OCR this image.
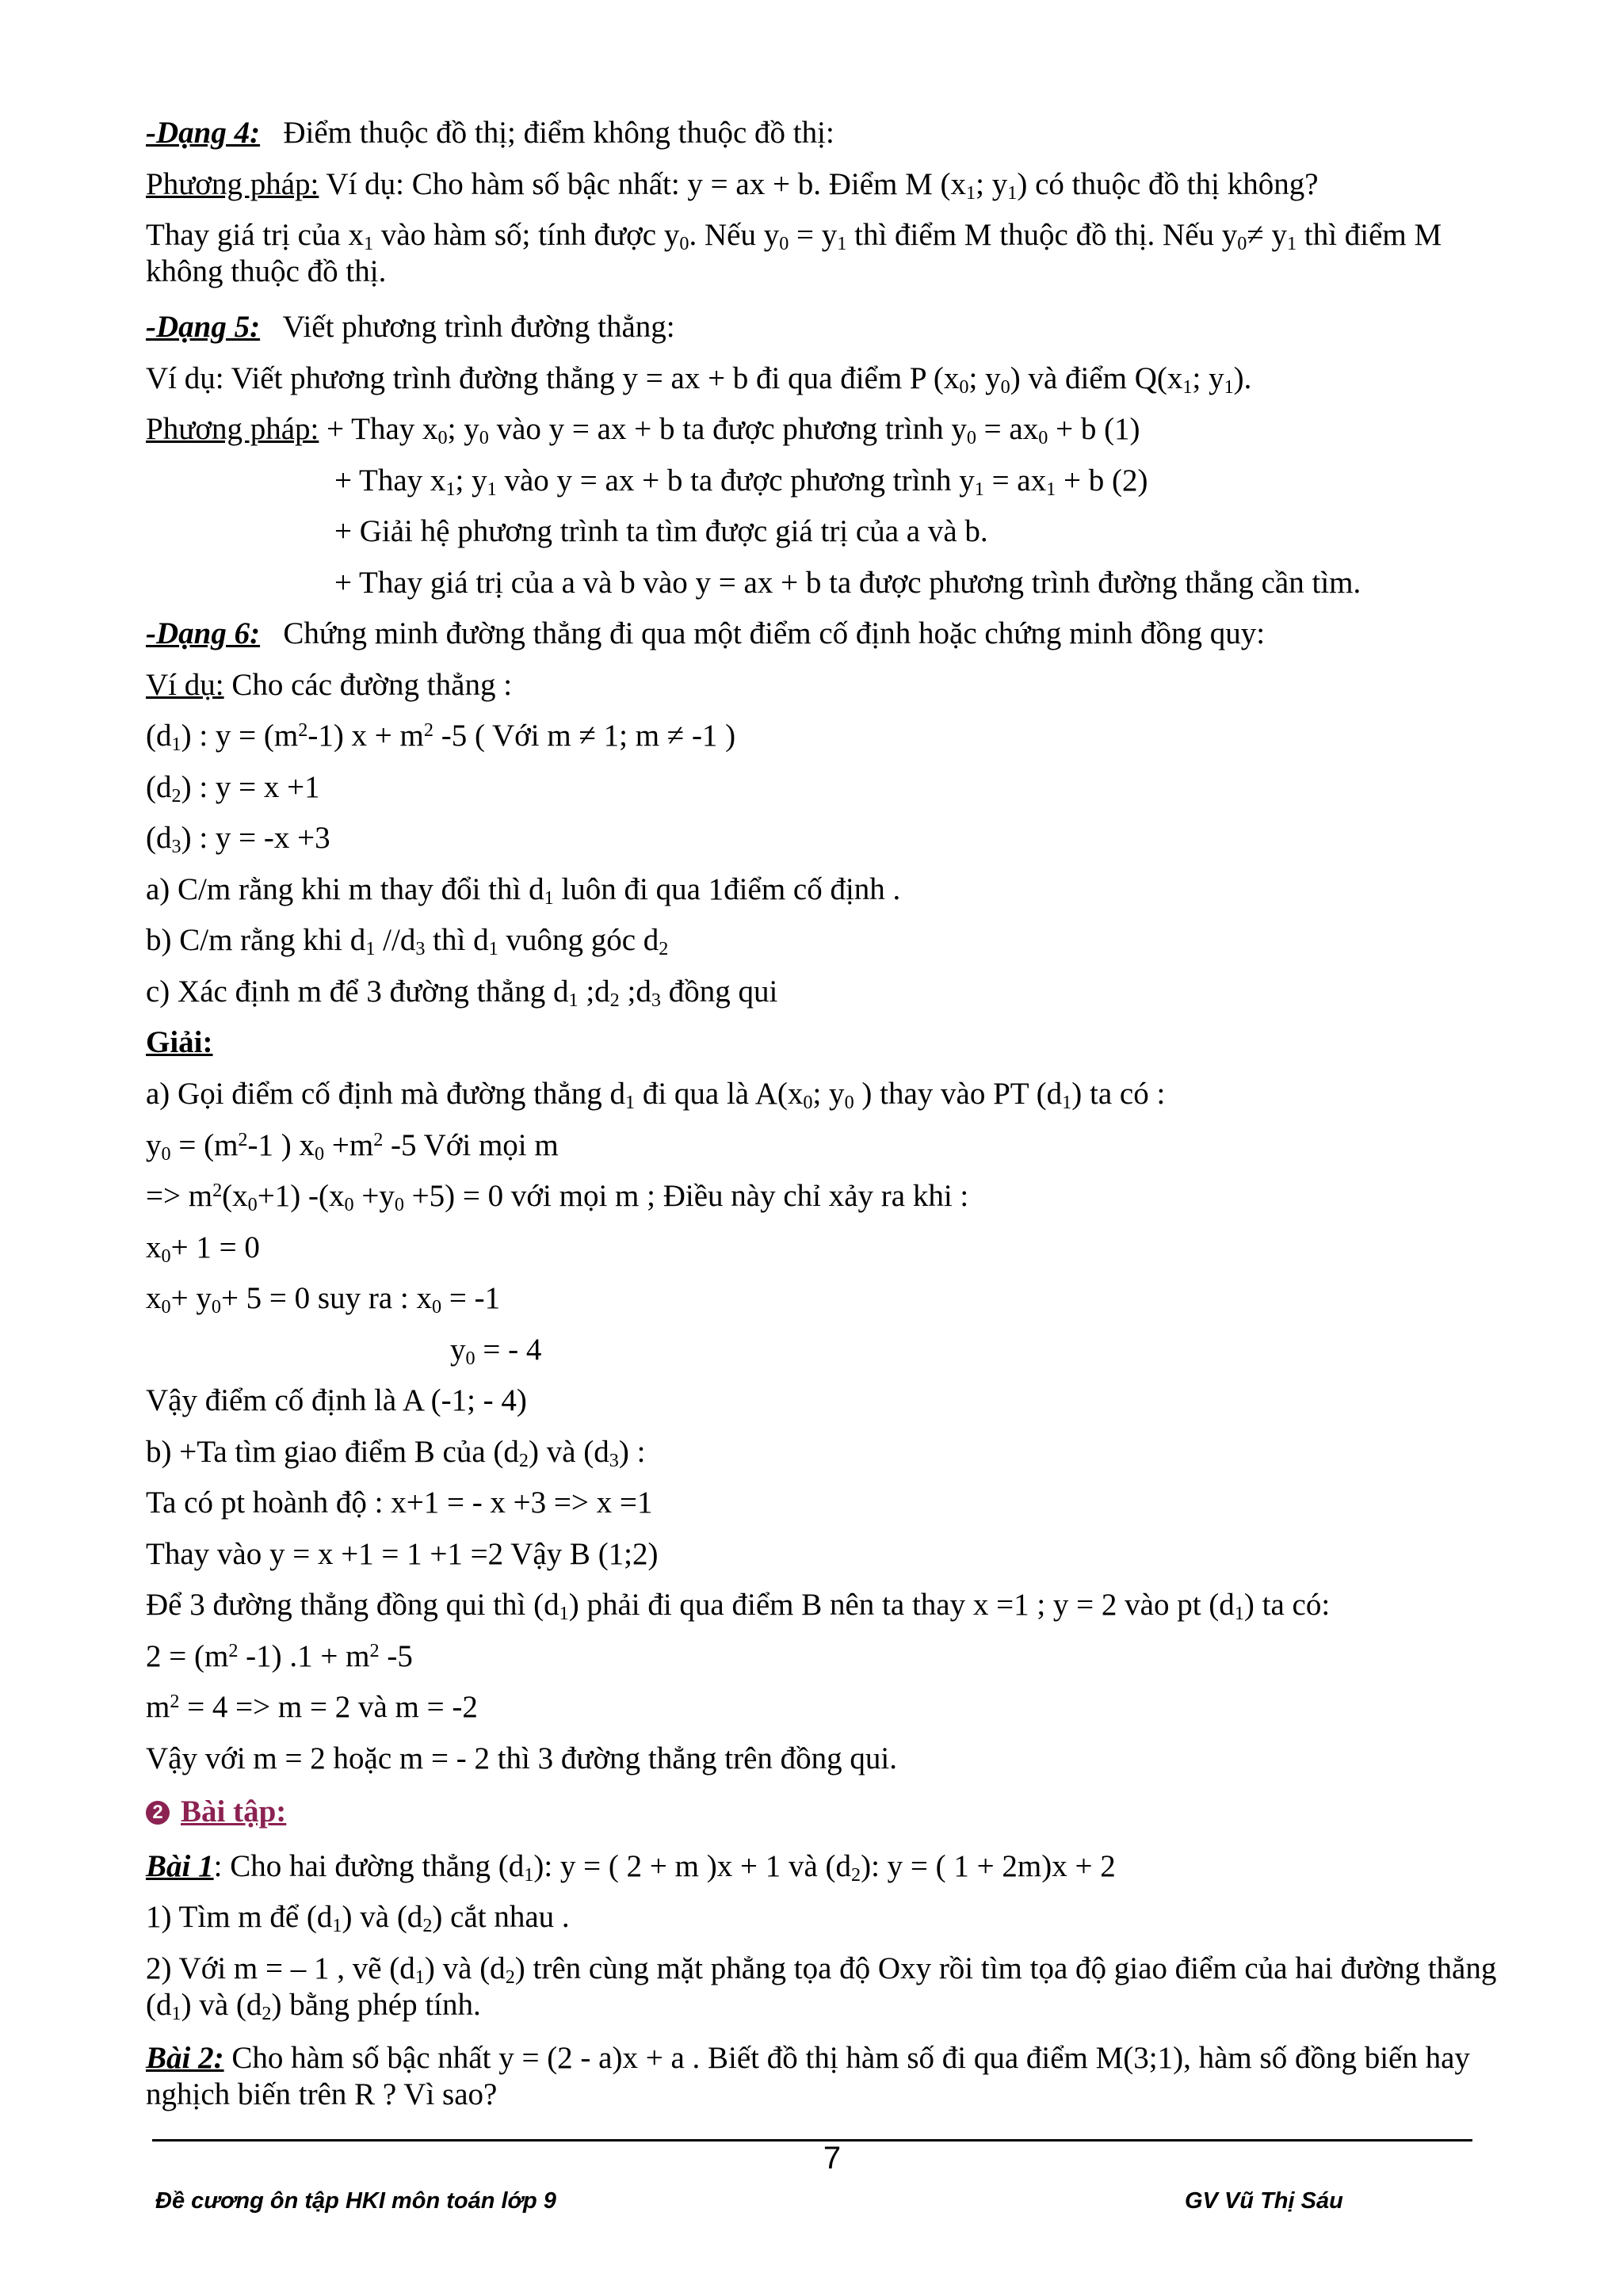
-Dạng 4: Điểm thuộc đồ thị; điểm không thuộc đồ thị:
Phương pháp: Ví dụ: Cho hàm số bậc nhất: y = ax + b. Điểm M ($x_1$; $y_1$) có thuộc đồ thị không?
Thay giá trị của $x_1$ vào hàm số; tính được $y_0$. Nếu $y_0 = y_1$ thì điểm M thuộc đồ thị. Nếu $y_0\ne y_1$ thì điểm M không thuộc đồ thị.
-Dạng 5: Viết phương trình đường thẳng:
Ví dụ: Viết phương trình đường thẳng y = ax + b đi qua điểm P ($x_0$; $y_0$) và điểm $Q(x_1$; $y_1$).
Phương pháp: + Thay $x_0$; $y_0$ vào y = ax + b ta được phương trình $y_0 = ax_0 + b$ (1)
+ Thay $x_1$; $y_1$ vào y = ax + b ta được phương trình $y_1 = ax_1 + b$ (2)
+ Giải hệ phương trình ta tìm được giá trị của a và b.
+ Thay giá trị của a và b vào y = ax + b ta được phương trình đường thẳng cần tìm.
-Dạng 6: Chứng minh đường thẳng đi qua một điểm cố định hoặc chứng minh đồng quy:
Ví dụ: Cho các đường thẳng :
$(d_1)$ : $y = (m^2-1) x + m^2$ -5 ( Với m ≠ 1; m ≠ -1 )
$(d_2)$ : y = x +1
$(d_3)$ : y = -x +3
a) C/m rằng khi m thay đổi thì $d_1$ luôn đi qua 1điểm cố định .
b) C/m rằng khi $d_1$ $//d_3$ thì $d_1$ vuông góc $d_2$
c) Xác định m để 3 đường thẳng $d_1$ $;d_2$ $;d_3$ đồng qui
Giải:
a) Gọi điểm cố định mà đường thẳng $d_1$ đi qua là $A(x_0$; $y_0$ ) thay vào PT $(d_1)$ ta có :
$y_0 = (m^2-1$ ) $x_0 +m^2$ -5 Với mọi m
=> $m^2(x_0+1)$ $-(x_0 +y_0 +5) = 0$ với mọi m ; Điều này chỉ xảy ra khi :
$x_0+ 1 = 0$
$x_0+ y_0+ 5 = 0$ suy ra : $x_0 = -1$
$y_0$ = - 4
Vậy điểm cố định là A (-1; - 4)
b) +Ta tìm giao điểm B của $(d_2)$ và $(d_3)$ :
Ta có pt hoành độ : x+1 = - x +3 => x =1
Thay vào y = x +1 = 1 +1 =2 Vậy B (1;2)
Để 3 đường thẳng đồng qui thì $(d_1)$ phải đi qua điểm B nên ta thay x =1 ; y = 2 vào pt $(d_1)$ ta có:
$2 = (m^2$ -1) $.1 + m^2$ -5
$m^2 = 4 => m = 2$ và m = -2
Vậy với m = 2 hoặc m = - 2 thì 3 đường thẳng trên đồng qui.
2 Bài tập:
Bài 1: Cho hai đường thẳng $(d_1)$: y = ( 2 + m )x + 1 và $(d_2)$: y = ( 1 + 2m)x + 2
1) Tìm m để $(d_1)$ và $(d_2)$ cắt nhau .
2) Với m = – 1 , vẽ $(d_1)$ và $(d_2)$ trên cùng mặt phẳng tọa độ Oxy rồi tìm tọa độ giao điểm của hai đường thẳng $(d_1)$ và $(d_2)$ bằng phép tính.
Bài 2: Cho hàm số bậc nhất y = (2 - a)x + a . Biết đồ thị hàm số đi qua điểm M(3;1), hàm số đồng biến hay nghịch biến trên R ? Vì sao?
7
Đề cương ôn tập HKI môn toán lớp 9	GV Vũ Thị Sáu
